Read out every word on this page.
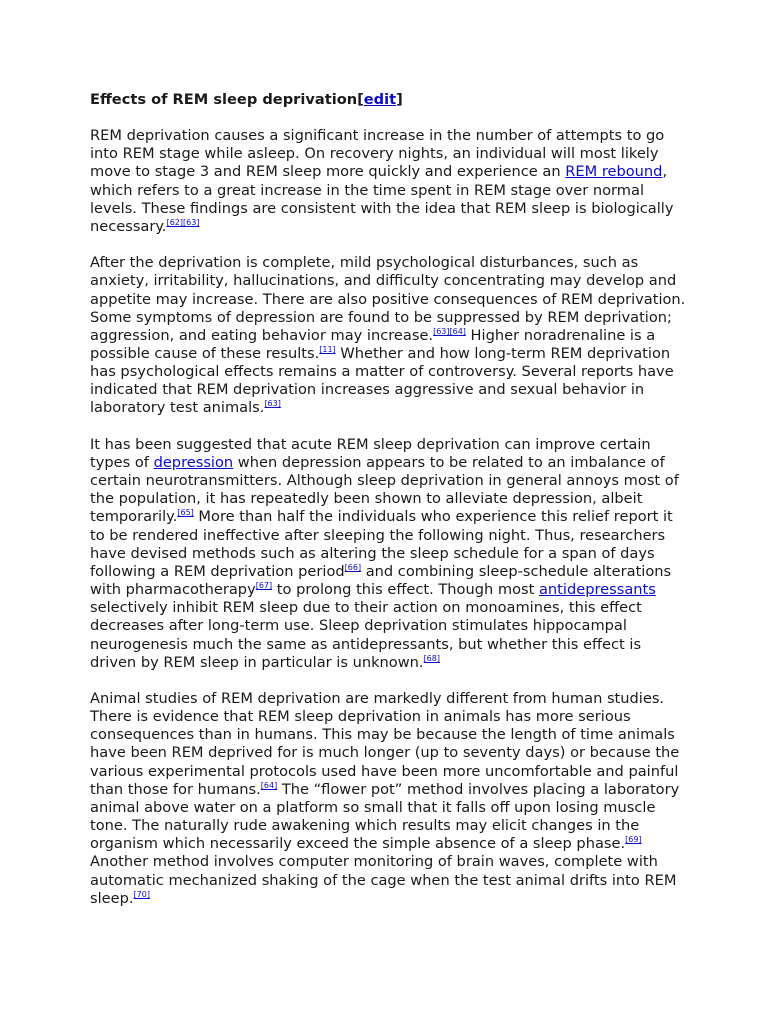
Effects of REM sleep deprivation[edit]

REM deprivation causes a significant increase in the number of attempts to go into REM stage while asleep. On recovery nights, an individual will most likely move to stage 3 and REM sleep more quickly and experience an REM rebound, which refers to a great increase in the time spent in REM stage over normal levels. These findings are consistent with the idea that REM sleep is biologically necessary.[62][63]

After the deprivation is complete, mild psychological disturbances, such as anxiety, irritability, hallucinations, and difficulty concentrating may develop and appetite may increase. There are also positive consequences of REM deprivation. Some symptoms of depression are found to be suppressed by REM deprivation; aggression, and eating behavior may increase.[63][64] Higher noradrenaline is a possible cause of these results.[11] Whether and how long-term REM deprivation has psychological effects remains a matter of controversy. Several reports have indicated that REM deprivation increases aggressive and sexual behavior in laboratory test animals.[63]

It has been suggested that acute REM sleep deprivation can improve certain types of depression when depression appears to be related to an imbalance of certain neurotransmitters. Although sleep deprivation in general annoys most of the population, it has repeatedly been shown to alleviate depression, albeit temporarily.[65] More than half the individuals who experience this relief report it to be rendered ineffective after sleeping the following night. Thus, researchers have devised methods such as altering the sleep schedule for a span of days following a REM deprivation period[66] and combining sleep-schedule alterations with pharmacotherapy[67] to prolong this effect. Though most antidepressants selectively inhibit REM sleep due to their action on monoamines, this effect decreases after long-term use. Sleep deprivation stimulates hippocampal neurogenesis much the same as antidepressants, but whether this effect is driven by REM sleep in particular is unknown.[68]

Animal studies of REM deprivation are markedly different from human studies. There is evidence that REM sleep deprivation in animals has more serious consequences than in humans. This may be because the length of time animals have been REM deprived for is much longer (up to seventy days) or because the various experimental protocols used have been more uncomfortable and painful than those for humans.[64] The “flower pot” method involves placing a laboratory animal above water on a platform so small that it falls off upon losing muscle tone. The naturally rude awakening which results may elicit changes in the organism which necessarily exceed the simple absence of a sleep phase.[69] Another method involves computer monitoring of brain waves, complete with automatic mechanized shaking of the cage when the test animal drifts into REM sleep.[70]
